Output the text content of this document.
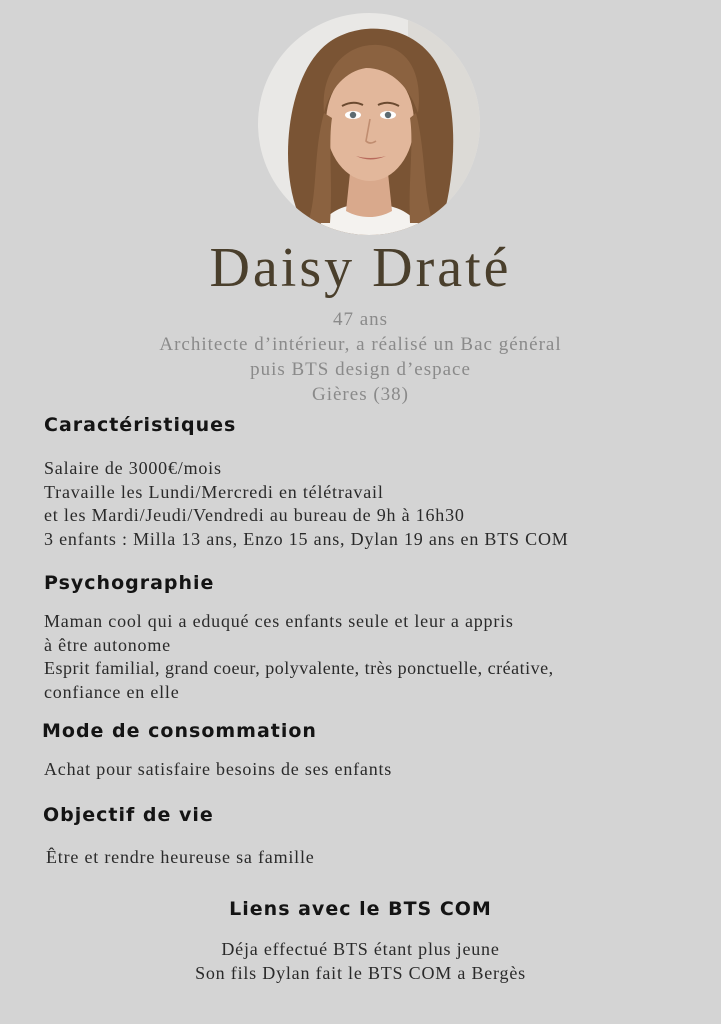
Daisy Draté
47 ans
Architecte d’intérieur, a réalisé un Bac général
puis BTS design d’espace
Gières (38)
Caractéristiques
Salaire de 3000€/mois
Travaille les Lundi/Mercredi en télétravail
et les Mardi/Jeudi/Vendredi au bureau de 9h à 16h30
3 enfants : Milla 13 ans, Enzo 15 ans, Dylan 19 ans en BTS COM
Psychographie
Maman cool qui a eduqué ces enfants seule et leur a appris
à être autonome
Esprit familial, grand coeur, polyvalente, très ponctuelle, créative,
confiance en elle
Mode de consommation
Achat pour satisfaire besoins de ses enfants
Objectif de vie
Être et rendre heureuse sa famille
Liens avec le BTS COM
Déja effectué BTS étant plus jeune
Son fils Dylan fait le BTS COM a Bergès
